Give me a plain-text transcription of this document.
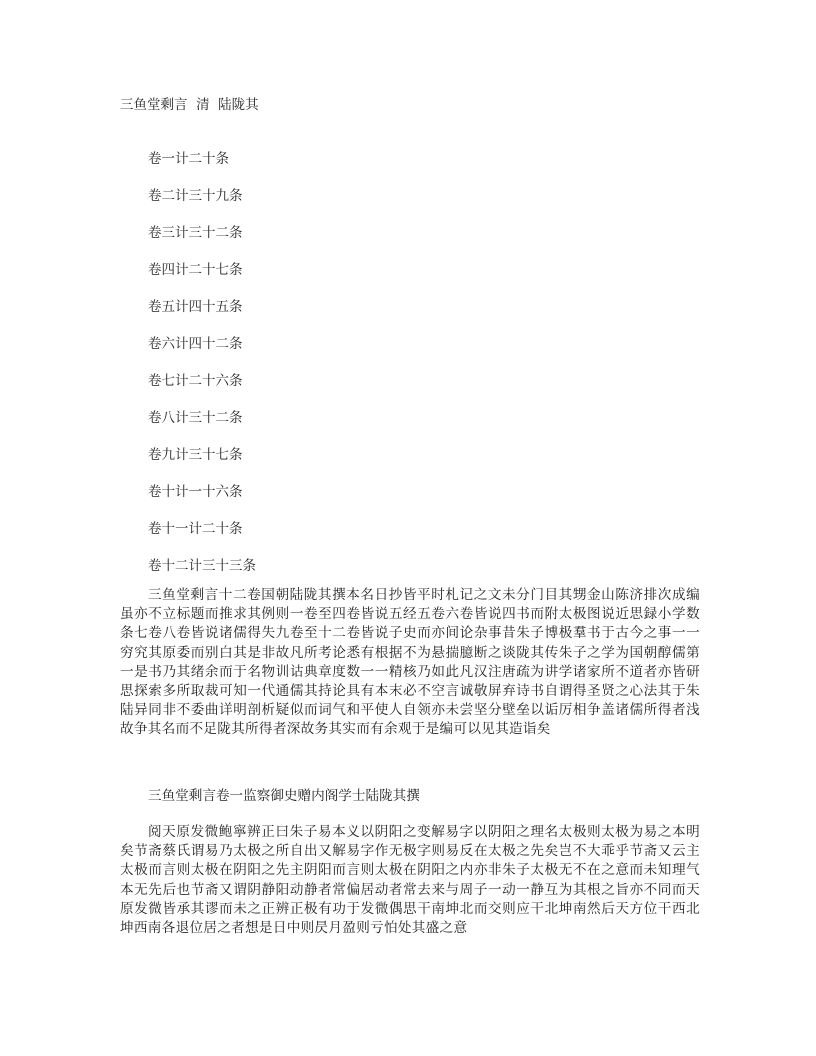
三鱼堂剩言  清  陆陇其
卷一计二十条
卷二计三十九条
卷三计三十二条
卷四计二十七条
卷五计四十五条
卷六计四十二条
卷七计二十六条
卷八计三十二条
卷九计三十七条
卷十计一十六条
卷十一计二十条
卷十二计三十三条

三鱼堂剩言十二卷国朝陆陇其撰本名日抄皆平时札记之文未分门目其甥金山陈济排次成编虽亦不立标题而推求其例则一卷至四卷皆说五经五卷六卷皆说四书而附太极图说近思録小学数条七卷八卷皆说诸儒得失九卷至十二卷皆说子史而亦间论杂事昔朱子博极羣书于古今之事一一穷究其原委而别白其是非故凡所考论悉有根据不为悬揣臆断之谈陇其传朱子之学为国朝醇儒第一是书乃其绪余而于名物训诂典章度数一一精核乃如此凡汉注唐疏为讲学诸家所不道者亦皆研思探索多所取裁可知一代通儒其持论具有本末必不空言诚敬屏弃诗书自谓得圣贤之心法其于朱陆异同非不委曲详明剖析疑似而词气和平使人自领亦未尝坚分壁垒以诟厉相争盖诸儒所得者浅故争其名而不足陇其所得者深故务其实而有余观于是编可以见其造诣矣

三鱼堂剩言卷一监察御史赠内阁学士陆陇其撰

阅天原发微鲍寧辨正曰朱子易本义以阴阳之变解易字以阴阳之理名太极则太极为易之本明矣节斋蔡氏谓易乃太极之所自出又解易字作无极字则易反在太极之先矣岂不大乖乎节斋又云主太极而言则太极在阴阳之先主阴阳而言则太极在阴阳之内亦非朱子太极无不在之意而未知理气本无先后也节斋又谓阴静阳动静者常偏居动者常去来与周子一动一静互为其根之旨亦不同而天原发微皆承其谬而未之正辨正极有功于发微偶思干南坤北而交则应干北坤南然后天方位干西北坤西南各退位居之者想是日中则昃月盈则亏怕处其盛之意
